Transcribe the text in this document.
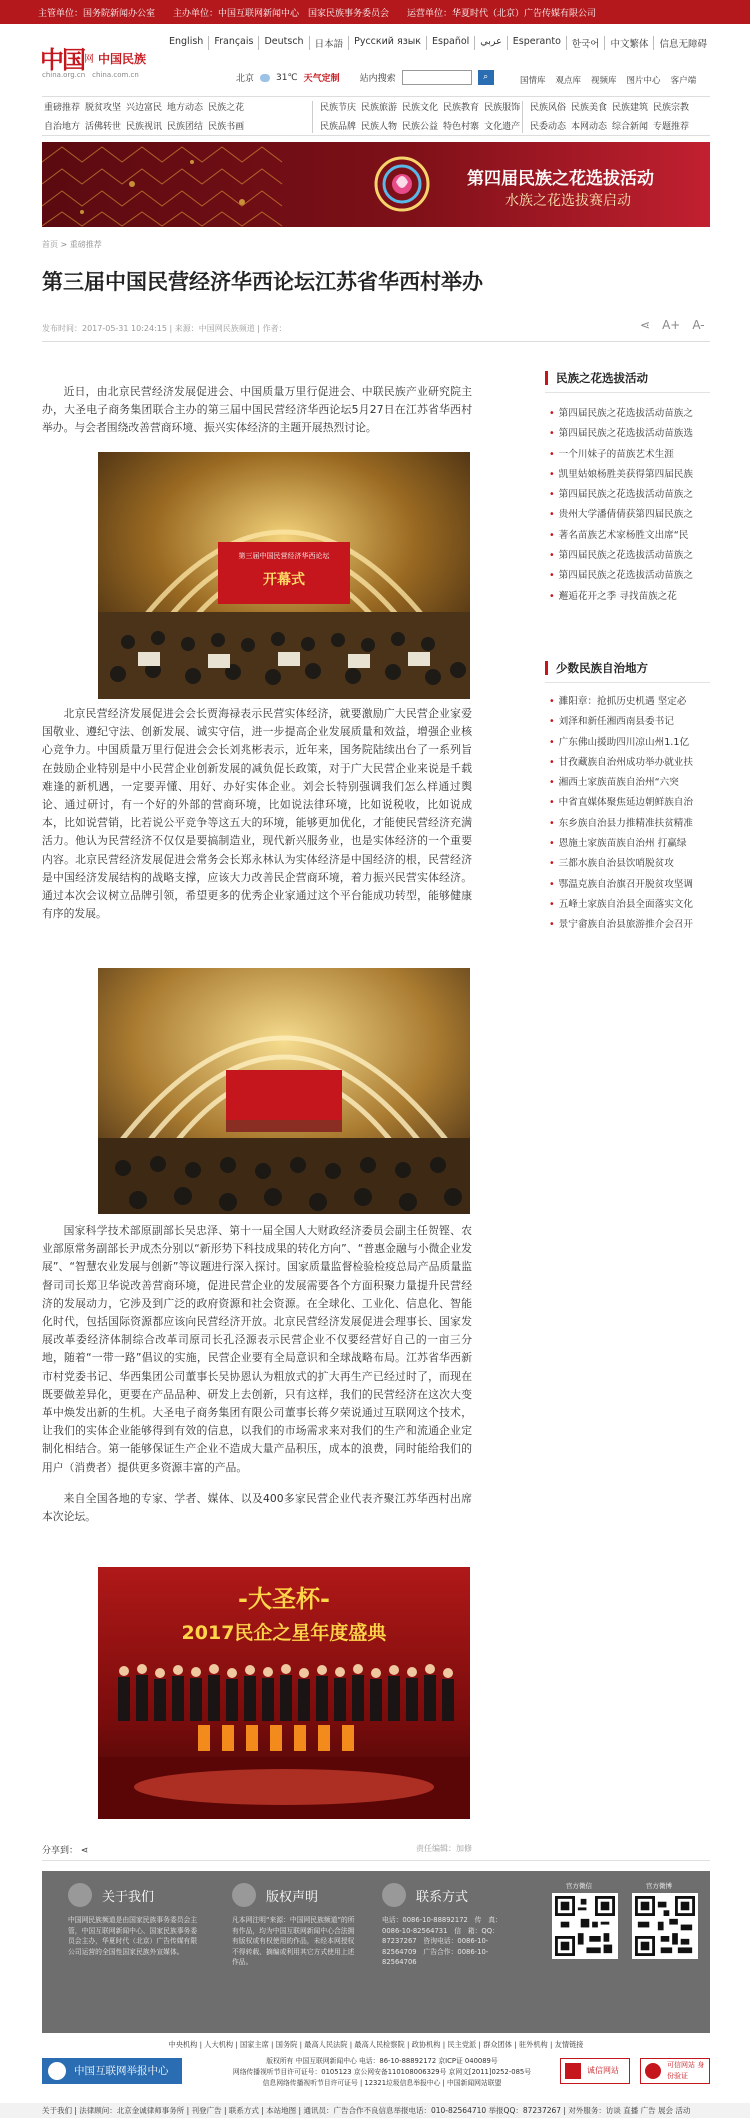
主管单位：国务院新闻办公室 主办单位：中国互联网新闻中心　国家民族事务委员会 运营单位：华夏时代（北京）广告传媒有限公司
中国 网 中国民族
china.org.cn　china.com.cn
English	Français	Deutsch	日本語	Русский язык	Español	عربي	Esperanto	한국어	中文繁体	信息无障碍
北京 31℃ 天气定制 站内搜索	⌕	国情库 观点库 视频库 图片中心 客户端
重磅推荐 脱贫攻坚 兴边富民 地方动态 民族之花
自治地方 活佛转世 民族视讯 民族团结 民族书画
民族节庆 民族旅游 民族文化 民族教育 民族服饰
民族品牌 民族人物 民族公益 特色村寨 文化遗产
民族风俗 民族美食 民族建筑 民族宗教
民委动态 本网动态 综合新闻 专题推荐
第四届民族之花选拔活动
水族之花选拔赛启动
首页 > 重磅推荐
第三届中国民营经济华西论坛江苏省华西村举办
发布时间：2017-05-31 10:24:15 | 来源：中国网民族频道 | 作者：	⋖ A+ A-
近日，由北京民营经济发展促进会、中国质量万里行促进会、中联民族产业研究院主办，大圣电子商务集团联合主办的第三届中国民营经济华西论坛5月27日在江苏省华西村举办。与会者围绕改善营商环境、振兴实体经济的主题开展热烈讨论。
第三届中国民营经济华西论坛
开幕式
北京民营经济发展促进会会长贾海禄表示民营实体经济，就要激励广大民营企业家爱国敬业、遵纪守法、创新发展、诚实守信，进一步提高企业发展质量和效益，增强企业核心竞争力。中国质量万里行促进会会长刘兆彬表示，近年来，国务院陆续出台了一系列旨在鼓励企业特别是中小民营企业创新发展的减负促长政策，对于广大民营企业来说是千载难逢的新机遇，一定要弄懂、用好、办好实体企业。刘会长特别强调我们怎么样通过舆论、通过研讨，有一个好的外部的营商环境，比如说法律环境，比如说税收，比如说成本，比如说营销，比若说公平竞争等这五大的环境，能够更加优化，才能使民营经济充满活力。他认为民营经济不仅仅是要搞制造业，现代新兴服务业，也是实体经济的一个重要内容。北京民营经济发展促进会常务会长郑永林认为实体经济是中国经济的根，民营经济是中国经济发展结构的战略支撑，应该大力改善民企营商环境，着力振兴民营实体经济。通过本次会议树立品牌引领，希望更多的优秀企业家通过这个平台能成功转型，能够健康有序的发展。
国家科学技术部原副部长吴忠泽、第十一届全国人大财政经济委员会副主任贺铿、农业部原常务副部长尹成杰分别以“新形势下科技成果的转化方向”、“普惠金融与小微企业发展”、“智慧农业发展与创新”等议题进行深入探讨。国家质量监督检验检疫总局产品质量监督司司长郑卫华说改善营商环境，促进民营企业的发展需要各个方面积聚力量提升民营经济的发展动力，它涉及到广泛的政府资源和社会资源。在全球化、工业化、信息化、智能化时代，包括国际资源都应该向民营经济开放。北京民营经济发展促进会理事长、国家发展改革委经济体制综合改革司原司长孔泾源表示民营企业不仅要经营好自己的一亩三分地，随着“一带一路”倡议的实施，民营企业要有全局意识和全球战略布局。江苏省华西新市村党委书记、华西集团公司董事长吴协恩认为粗放式的扩大再生产已经过时了，而现在既要做差异化，更要在产品品种、研发上去创新，只有这样，我们的民营经济在这次大变革中焕发出新的生机。大圣电子商务集团有限公司董事长蒋夕荣说通过互联网这个技术，让我们的实体企业能够得到有效的信息，以我们的市场需求来对我们的生产和流通企业定制化相结合。第一能够保证生产企业不造成大量产品积压，成本的浪费，同时能给我们的用户（消费者）提供更多资源丰富的产品。
来自全国各地的专家、学者、媒体、以及400多家民营企业代表齐聚江苏华西村出席本次论坛。
-大圣杯-
2017民企之星年度盛典
民族之花选拔活动
• 第四届民族之花选拔活动苗族之
• 第四届民族之花选拔活动苗族选
• 一个川妹子的苗族艺术生涯
• 凯里姑娘杨胜美获得第四届民族
• 第四届民族之花选拔活动苗族之
• 贵州大学潘倩倩获第四届民族之
• 著名苗族艺术家杨胜文出席“民
• 第四届民族之花选拔活动苗族之
• 第四届民族之花选拔活动苗族之
• 邂逅花开之季 寻找苗族之花
少数民族自治地方
• 濉阳章：抢抓历史机遇 坚定必
• 刘泽和新任湘西南县委书记
• 广东佛山援助四川凉山州1.1亿
• 甘孜藏族自治州成功举办就业扶
• 湘西土家族苗族自治州“六突
• 中省直媒体聚焦延边朝鲜族自治
• 东乡族自治县力推精准扶贫精准
• 恩施土家族苗族自治州 打赢绿
• 三都水族自治县饮哨脱贫攻
• 鄂温克族自治旗召开脱贫攻坚调
• 五峰土家族自治县全面落实文化
• 景宁畲族自治县旅游推介会召开
分享到： ⋖	责任编辑：加修
关于我们
中国网民族频道是由国家民族事务委员会主管，中国互联网新闻中心、国家民族事务委员会主办，华夏时代（北京）广告传媒有限公司运营的全国性国家民族外宣媒体。
版权声明
凡本网注明“来源：中国网民族频道”的所有作品，均为中国互联网新闻中心合法拥有版权或有权使用的作品，未经本网授权不得转载、摘编或利用其它方式使用上述作品。
联系方式
电话：0086-10-88892172　传　真：0086-10-82564731　信　箱：QQ：87237267　咨询电话：0086-10-82564709　广告合作：0086-10-82564706
官方微信	官方微博
中央机构 | 人大机构 | 国家主席 | 国务院 | 最高人民法院 | 最高人民检察院 | 政协机构 | 民主党派 | 群众团体 | 驻外机构 | 友情链接
中国互联网举报中心
版权所有 中国互联网新闻中心 电话：86-10-88892172 京ICP证 040089号
网络传播视听节目许可证号：0105123 京公网安备110108006329号 京网文[2011]0252-085号
信息网络传播视听节目许可证号 | 12321垃圾信息举报中心 | 中国新闻网站联盟
诚信网站
可信网站 身份验证
关于我们 | 法律顾问：北京金诚律师事务所 | 刊登广告 | 联系方式 | 本站地图 | 通讯员：广告合作不良信息举报电话：010-82564710 举报QQ：87237267 | 对外服务：访谈 直播 广告 展会 活动
